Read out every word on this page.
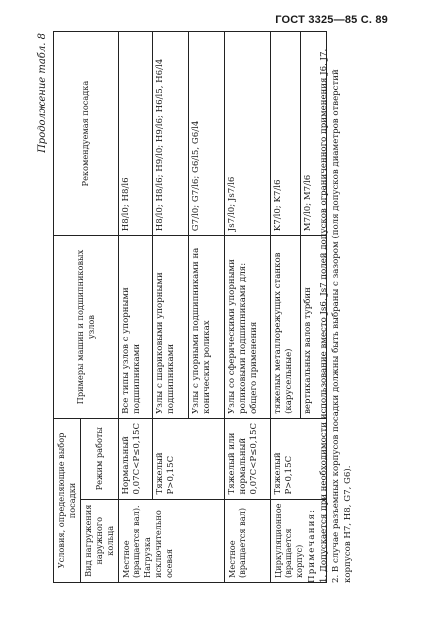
ГОСТ 3325—85 С. 89
Продолжение табл. 8
Условия, определяющие выбор посадки		Примеры машин и подшипниковых узлов	Рекомендуемая посадка
Вид нагружения наружного кольца	Режим работы		
Местное (вращается вал). Нагрузка исключительно осевая	Нормальный 0,07C<P≤0,15C	Все типы узлов с упорными подшипниками	H8/l0; H8/l6
	Тяжелый P>0,15C	Узлы с шариковыми упорными подшипниками	H8/l0; H8/l6; H9/l0; H9/l6; H6/l5, H6/l4
		Узлы с упорными подшипниками на конических роликах	G7/l0; G7/l6; G6/l5, G6/l4
Местное (вращается вал)	Тяжелый или нормальный 0,07C<P≤0,15C	Узлы со сферическими упорными роликовыми подшипниками для: общего применения	Js7/l0; Js7/l6
Циркуляционное (вращается корпус)	Тяжелый P>0,15C	тяжелых металлорежущих станков (карусельные)	K7/l0; K7/l6
		вертикальных валов турбин	M7/l0; M7/l6
Примечания: 1. Допускается при необходимости использование вместо Js6, Js7 полей допусков ограниченного применения J6, J7. 2. В случае разъемных корпусов посадки должны быть выбраны с зазором (поля допусков диаметров отверстий корпусов H7, H8, G7, G6).
